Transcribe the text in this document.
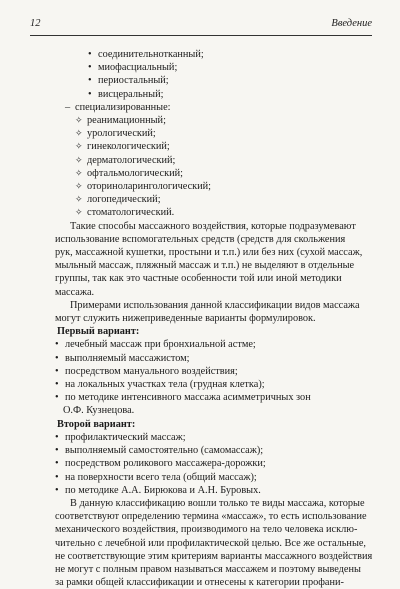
12	Введение
• соединительнотканный;
• миофасциальный;
• периостальный;
• висцеральный;
– специализированные:
✧ реанимационный;
✧ урологический;
✧ гинекологический;
✧ дерматологический;
✧ офтальмологический;
✧ оториноларингологический;
✧ логопедический;
✧ стоматологический.
Такие способы массажного воздействия, которые подразумевают
использование вспомогательных средств (средств для скольжения
рук, массажной кушетки, простыни и т.п.) или без них (сухой массаж,
мыльный массаж, пляжный массаж и т.п.) не выделяют в отдельные
группы, так как это частные особенности той или иной методики
массажа.
Примерами использования данной классификации видов массажа
могут служить нижеприведенные варианты формулировок.
Первый вариант:
• лечебный массаж при бронхиальной астме;
• выполняемый массажистом;
• посредством мануального воздействия;
• на локальных участках тела (грудная клетка);
• по методике интенсивного массажа асимметричных зон
О.Ф. Кузнецова.
Второй вариант:
• профилактический массаж;
• выполняемый самостоятельно (самомассаж);
• посредством роликового массажера-дорожки;
• на поверхности всего тела (общий массаж);
• по методике А.А. Бирюкова и А.Н. Буровых.
В данную классификацию вошли только те виды массажа, которые
соответствуют определению термина «массаж», то есть использование
механического воздействия, производимого на тело человека исклю-
чительно с лечебной или профилактической целью. Все же остальные,
не соответствующие этим критериям варианты массажного воздействия
не могут с полным правом называться массажем и поэтому выведены
за рамки общей классификации и отнесены к категории профани-
